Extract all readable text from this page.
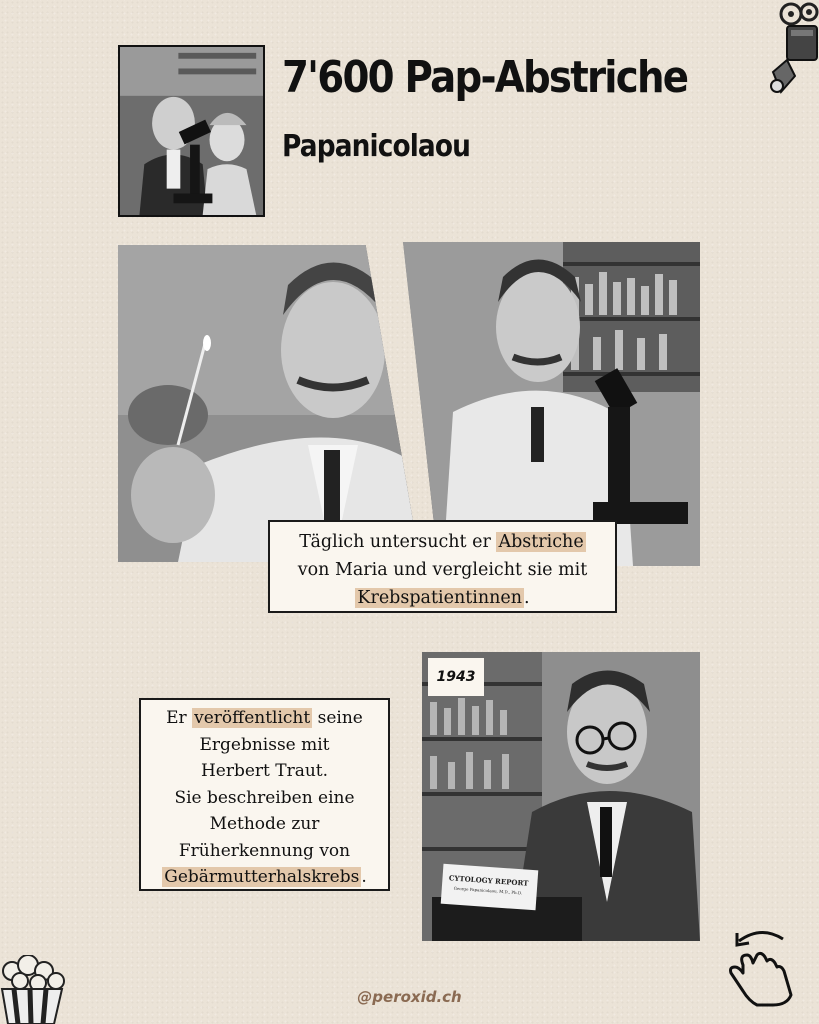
7'600 Pap-Abstriche
Papanicolaou
Täglich untersucht er Abstriche
von Maria und vergleicht sie mit
Krebspatientinnen .
Er veröffentlicht seine
Ergebnisse mit
Herbert Traut.
Sie beschreiben eine
Methode zur
Früherkennung von
Gebärmutterhalskrebs .	CYTOLOGY REPORT
George Papanicolaou, M.D., Ph.D.
1943
@peroxid.ch
